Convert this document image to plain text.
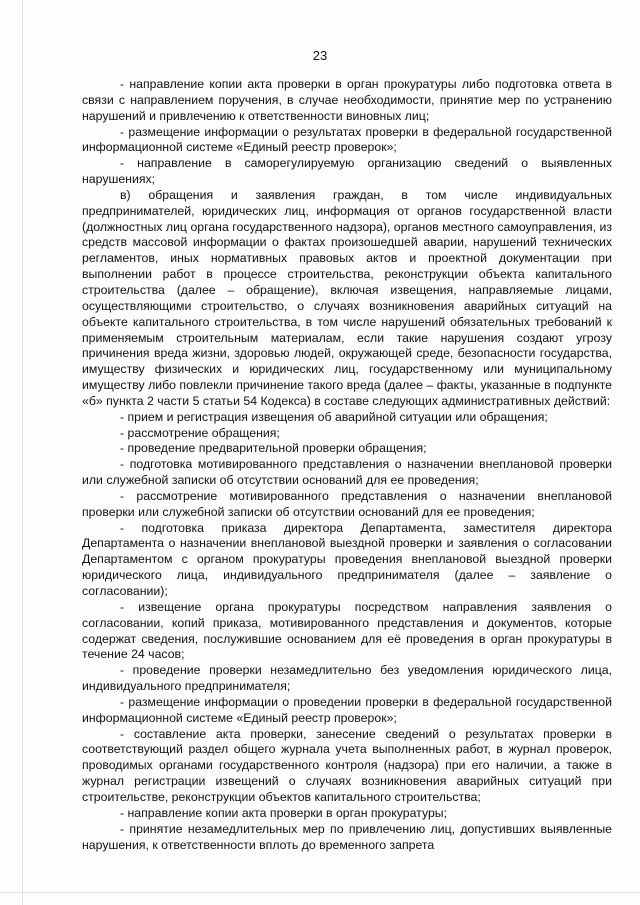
23

- направление копии акта проверки в орган прокуратуры либо подготовка ответа в связи с направлением поручения, в случае необходимости, принятие мер по устранению нарушений и привлечению к ответственности виновных лиц;

- размещение информации о результатах проверки в федеральной государственной информационной системе «Единый реестр проверок»;

- направление в саморегулируемую организацию сведений о выявленных нарушениях;

в) обращения и заявления граждан, в том числе индивидуальных предпринимателей, юридических лиц, информация от органов государственной власти (должностных лиц органа государственного надзора), органов местного самоуправления, из средств массовой информации о фактах произошедшей аварии, нарушений технических регламентов, иных нормативных правовых актов и проектной документации при выполнении работ в процессе строительства, реконструкции объекта капитального строительства (далее – обращение), включая извещения, направляемые лицами, осуществляющими строительство, о случаях возникновения аварийных ситуаций на объекте капитального строительства, в том числе нарушений обязательных требований к применяемым строительным материалам, если такие нарушения создают угрозу причинения вреда жизни, здоровью людей, окружающей среде, безопасности государства, имуществу физических и юридических лиц, государственному или муниципальному имуществу либо повлекли причинение такого вреда (далее – факты, указанные в подпункте «б» пункта 2 части 5 статьи 54 Кодекса) в составе следующих административных действий:

- прием и регистрация извещения об аварийной ситуации или обращения;

- рассмотрение обращения;

- проведение предварительной проверки обращения;

- подготовка мотивированного представления о назначении внеплановой проверки или служебной записки об отсутствии оснований для ее проведения;

- рассмотрение мотивированного представления о назначении внеплановой проверки или служебной записки об отсутствии оснований для ее проведения;

- подготовка приказа директора Департамента, заместителя директора Департамента о назначении внеплановой выездной проверки и заявления о согласовании Департаментом с органом прокуратуры проведения внеплановой выездной проверки юридического лица, индивидуального предпринимателя (далее – заявление о согласовании);

- извещение органа прокуратуры посредством направления заявления о согласовании, копий приказа, мотивированного представления и документов, которые содержат сведения, послужившие основанием для её проведения в орган прокуратуры в течение 24 часов;

- проведение проверки незамедлительно без уведомления юридического лица, индивидуального предпринимателя;

- размещение информации о проведении проверки в федеральной государственной информационной системе «Единый реестр проверок»;

- составление акта проверки, занесение сведений о результатах проверки в соответствующий раздел общего журнала учета выполненных работ, в журнал проверок, проводимых органами государственного контроля (надзора) при его наличии, а также в журнал регистрации извещений о случаях возникновения аварийных ситуаций при строительстве, реконструкции объектов капитального строительства;

- направление копии акта проверки в орган прокуратуры;

- принятие незамедлительных мер по привлечению лиц, допустивших выявленные нарушения, к ответственности вплоть до временного запрета
